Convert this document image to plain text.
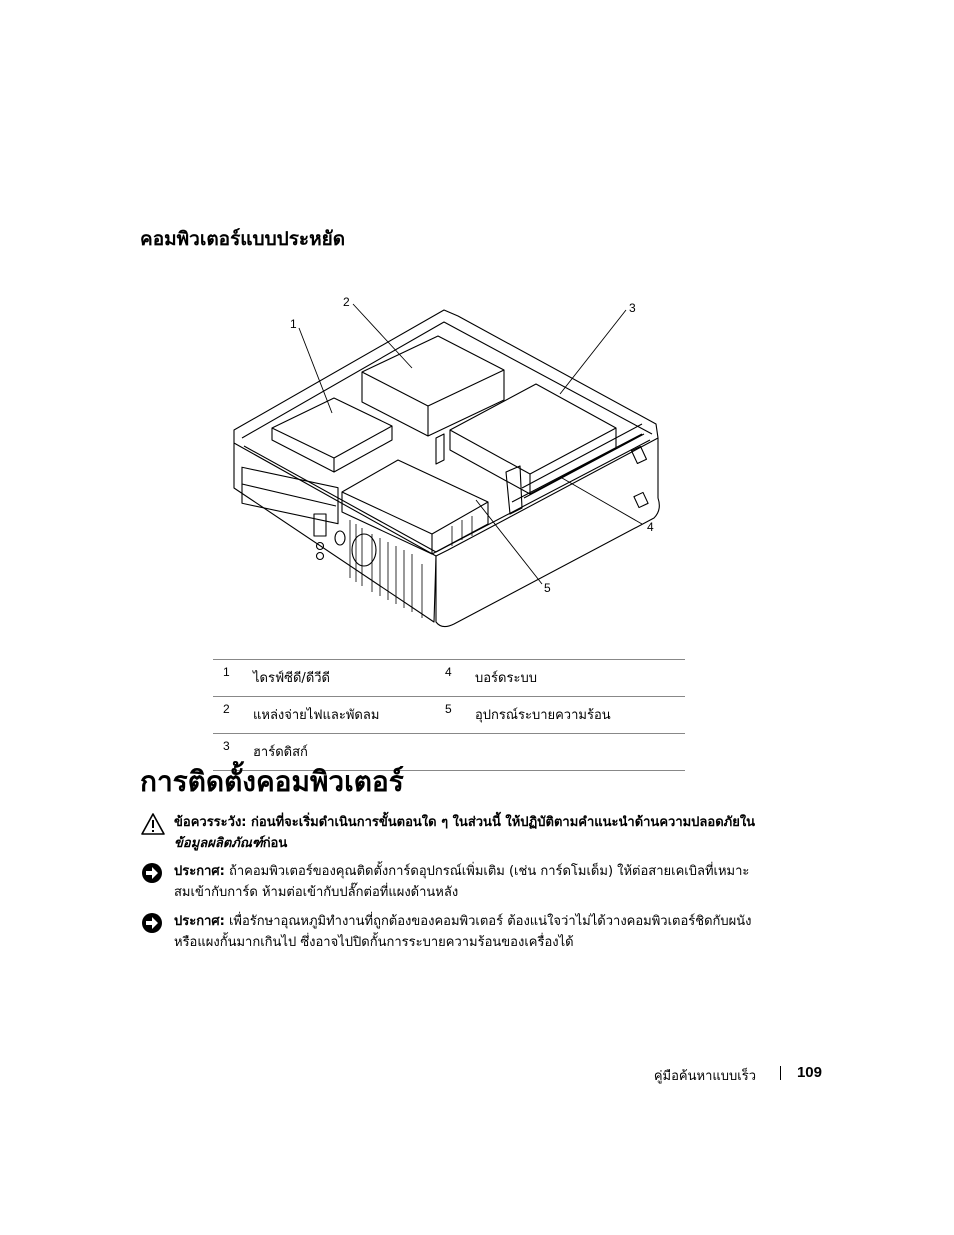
คอมพิวเตอร์แบบประหยัด
1
2	3
4
5
1	ไดรฟ์ซีดี/ดีวีดี	4	บอร์ดระบบ
2	แหล่งจ่ายไฟและพัดลม	5	อุปกรณ์ระบายความร้อน
3	ฮาร์ดดิสก์		
การติดตั้งคอมพิวเตอร์
ข้อควรระวัง: ก่อนที่จะเริ่มดำเนินการขั้นตอนใด ๆ ในส่วนนี้ ให้ปฏิบัติตามคำแนะนำด้านความปลอดภัยในข้อมูลผลิตภัณฑ์ก่อน
ประกาศ: ถ้าคอมพิวเตอร์ของคุณติดตั้งการ์ดอุปกรณ์เพิ่มเติม (เช่น การ์ดโมเด็ม) ให้ต่อสายเคเบิลที่เหมาะสมเข้ากับการ์ด ห้ามต่อเข้ากับปลั๊กต่อที่แผงด้านหลัง
ประกาศ: เพื่อรักษาอุณหภูมิทำงานที่ถูกต้องของคอมพิวเตอร์ ต้องแน่ใจว่าไม่ได้วางคอมพิวเตอร์ชิดกับผนังหรือแผงกั้นมากเกินไป ซึ่งอาจไปปิดกั้นการระบายความร้อนของเครื่องได้
คู่มือค้นหาแบบเร็ว	109
